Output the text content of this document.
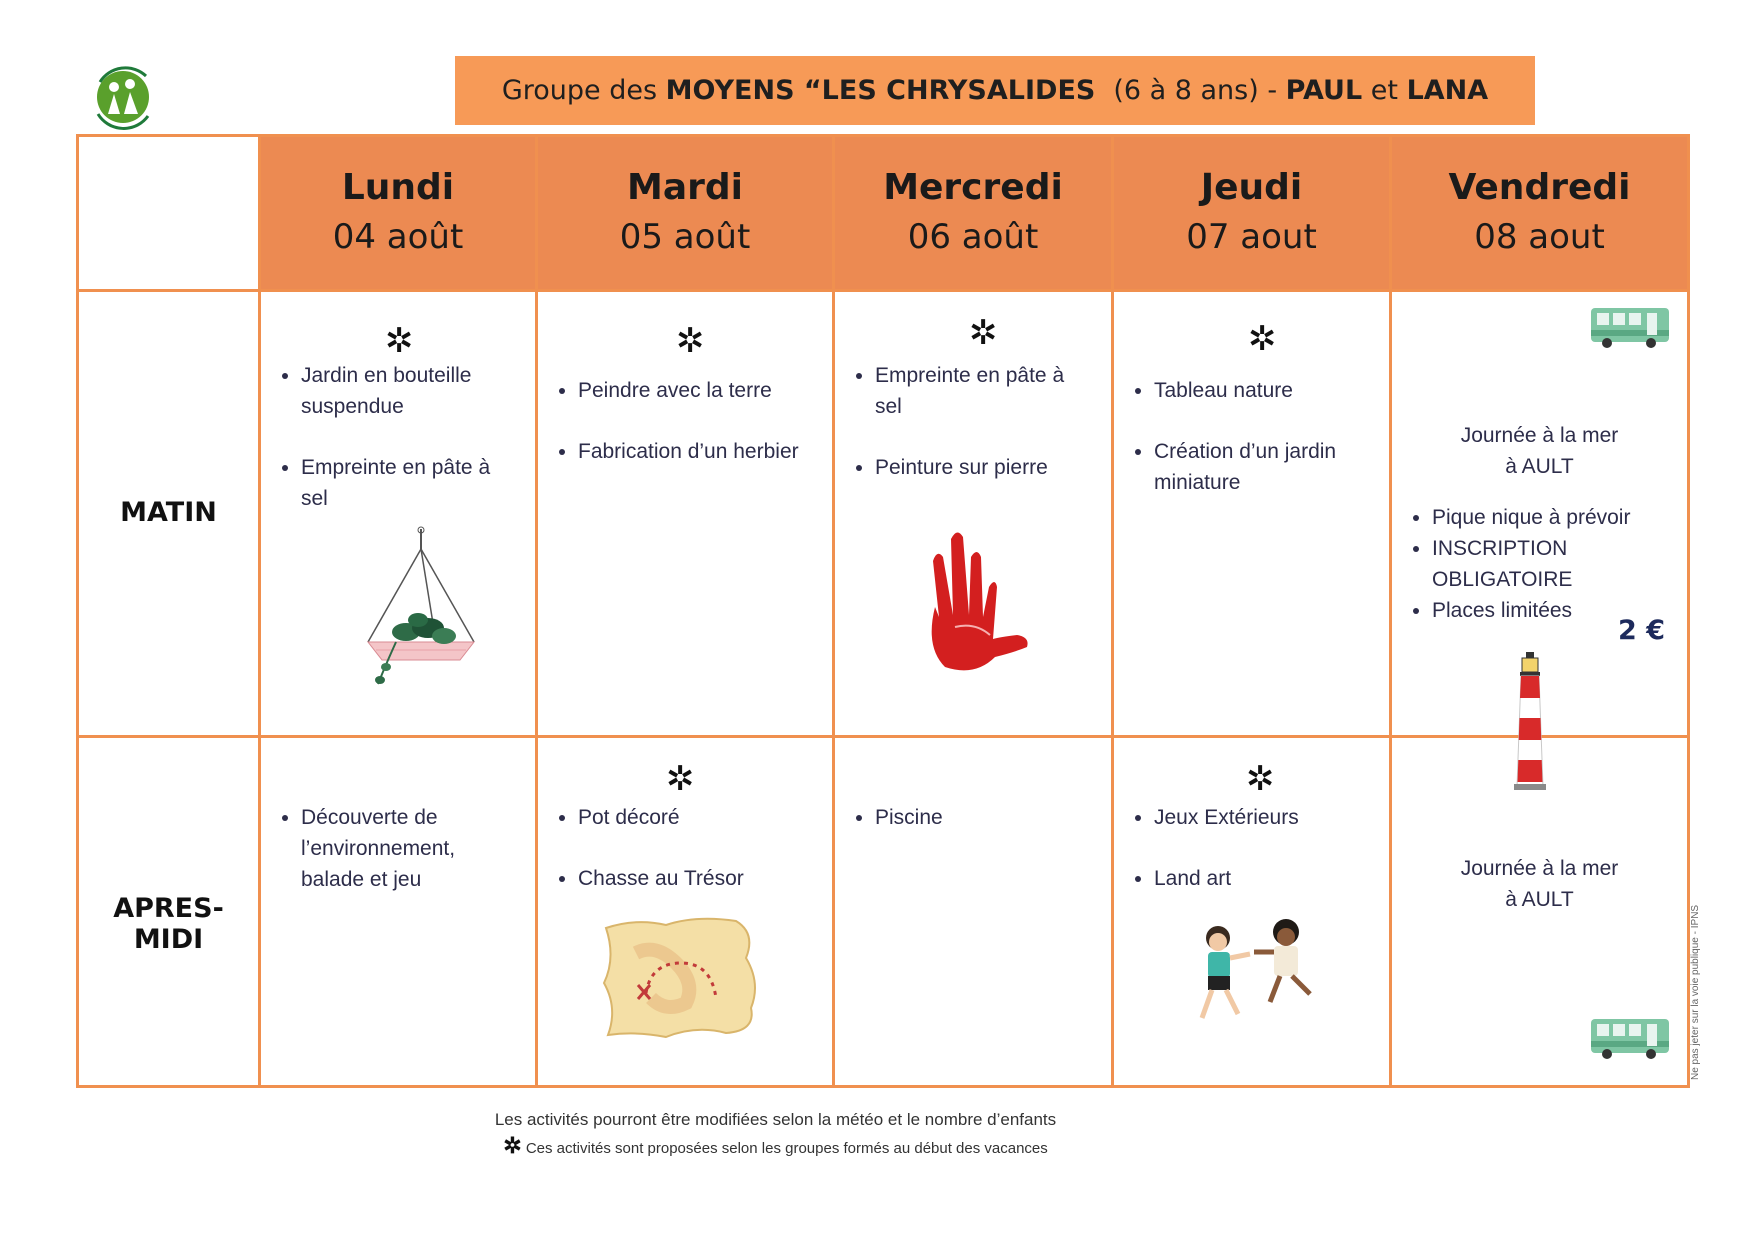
Groupe des MOYENS “LES CHRYSALIDES (6 à 8 ans) - PAUL et LANA
Lundi
04 août
Mardi
05 août
Mercredi
06 août
Jeudi
07 aout
Vendredi
08 aout
MATIN
✲
• Jardin en bouteille suspendue
• Empreinte en pâte à sel
✲
• Peindre avec la terre
• Fabrication d’un herbier
✲
• Empreinte en pâte à sel
• Peinture sur pierre
✲
• Tableau nature
• Création d’un jardin miniature
Journée à la mer
à AULT
• Pique nique à prévoir
• INSCRIPTION OBLIGATOIRE
• Places limitées
2 €
APRES-MIDI
• Découverte de l’environnement, balade et jeu
✲
• Pot décoré
• Chasse au Trésor
• Piscine
✲
• Jeux Extérieurs
• Land art	Journée à la mer
à AULT
Les activités pourront être modifiées selon la météo et le nombre d’enfants
✲ Ces activités sont proposées selon les groupes formés au début des vacances
Ne pas jeter sur la voie publique - IPNS
